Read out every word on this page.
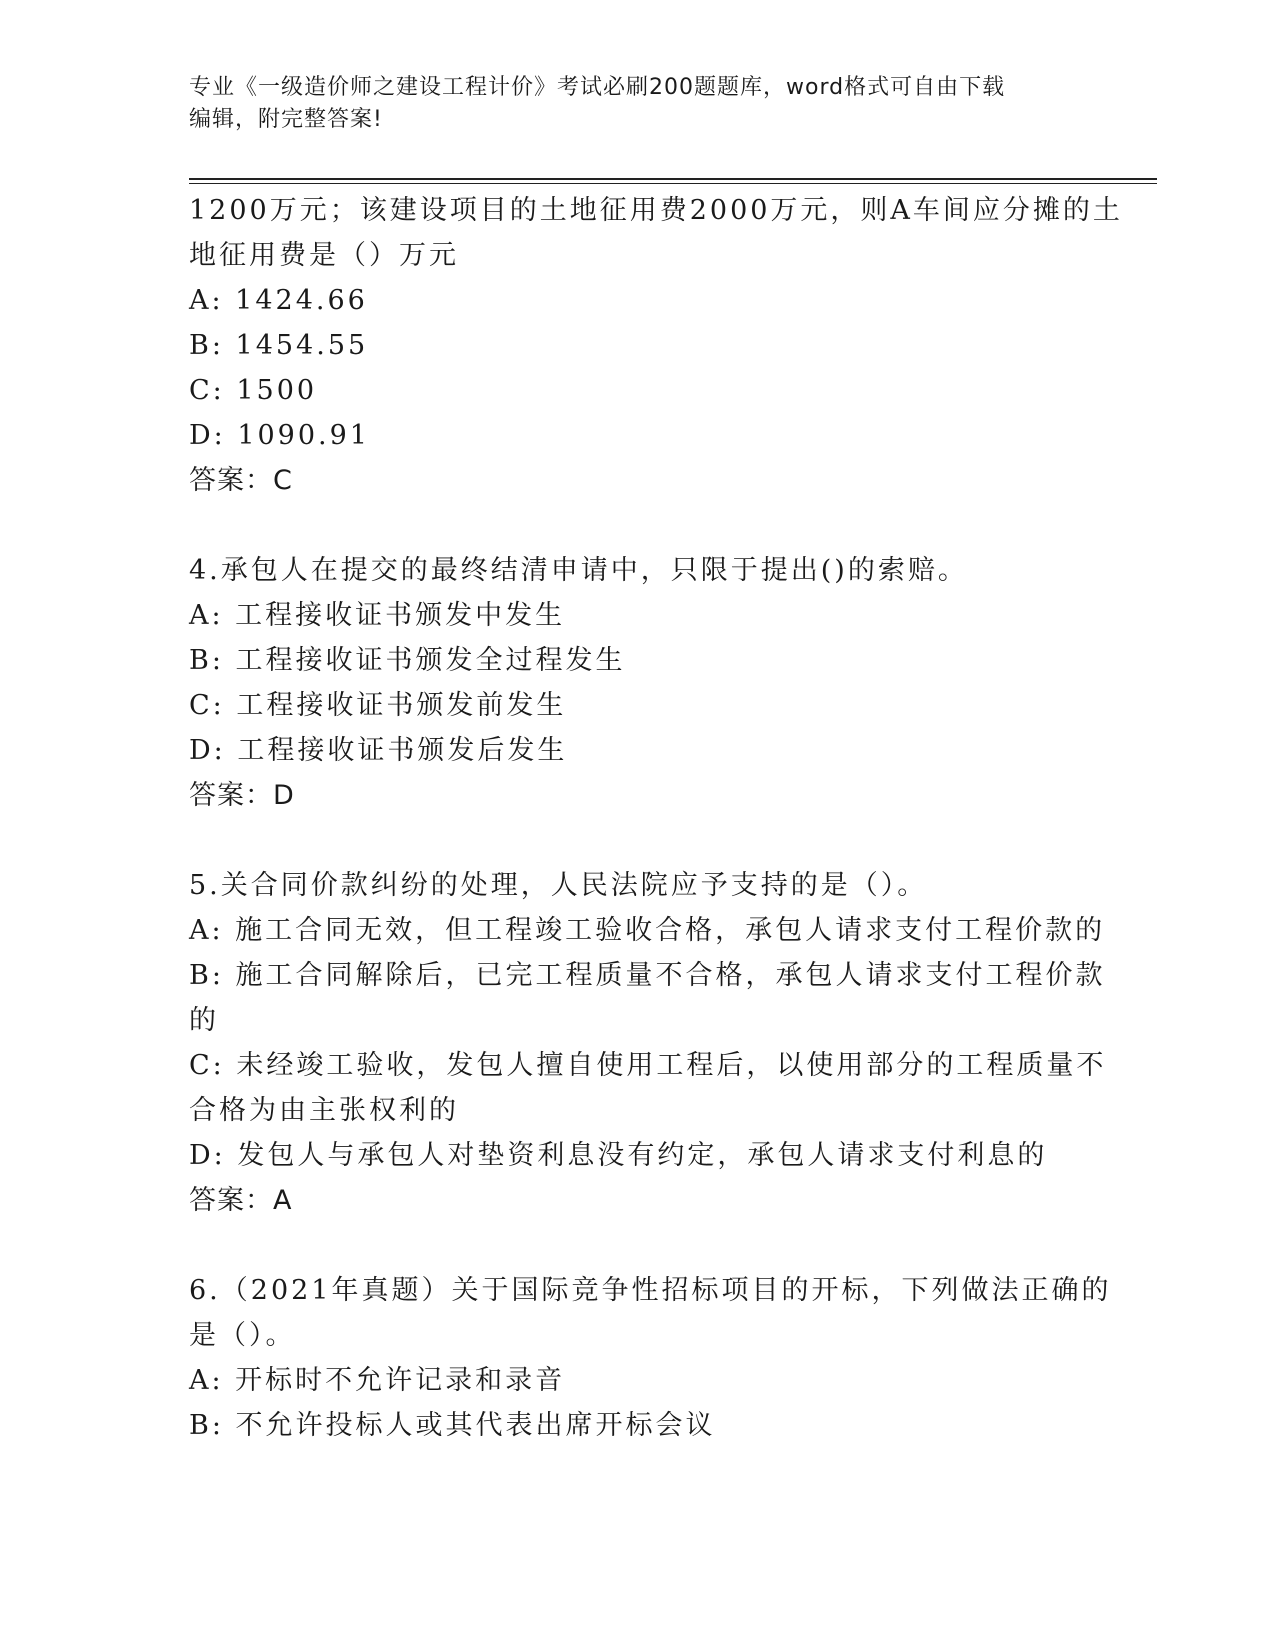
专业《一级造价师之建设工程计价》考试必刷200题题库，word格式可自由下载
编辑，附完整答案!
1200万元；该建设项目的土地征用费2000万元，则A车间应分摊的土
地征用费是（）万元
A: 1424.66
B: 1454.55
C: 1500
D: 1090.91
答案：C
4.承包人在提交的最终结清申请中，只限于提出()的索赔。
A: 工程接收证书颁发中发生
B: 工程接收证书颁发全过程发生
C: 工程接收证书颁发前发生
D: 工程接收证书颁发后发生
答案：D
5.关合同价款纠纷的处理，人民法院应予支持的是（）。
A: 施工合同无效，但工程竣工验收合格，承包人请求支付工程价款的
B: 施工合同解除后，已完工程质量不合格，承包人请求支付工程价款
的
C: 未经竣工验收，发包人擅自使用工程后，以使用部分的工程质量不
合格为由主张权利的
D: 发包人与承包人对垫资利息没有约定，承包人请求支付利息的
答案：A
6.（2021年真题）关于国际竞争性招标项目的开标，下列做法正确的
是（）。
A: 开标时不允许记录和录音
B: 不允许投标人或其代表出席开标会议
